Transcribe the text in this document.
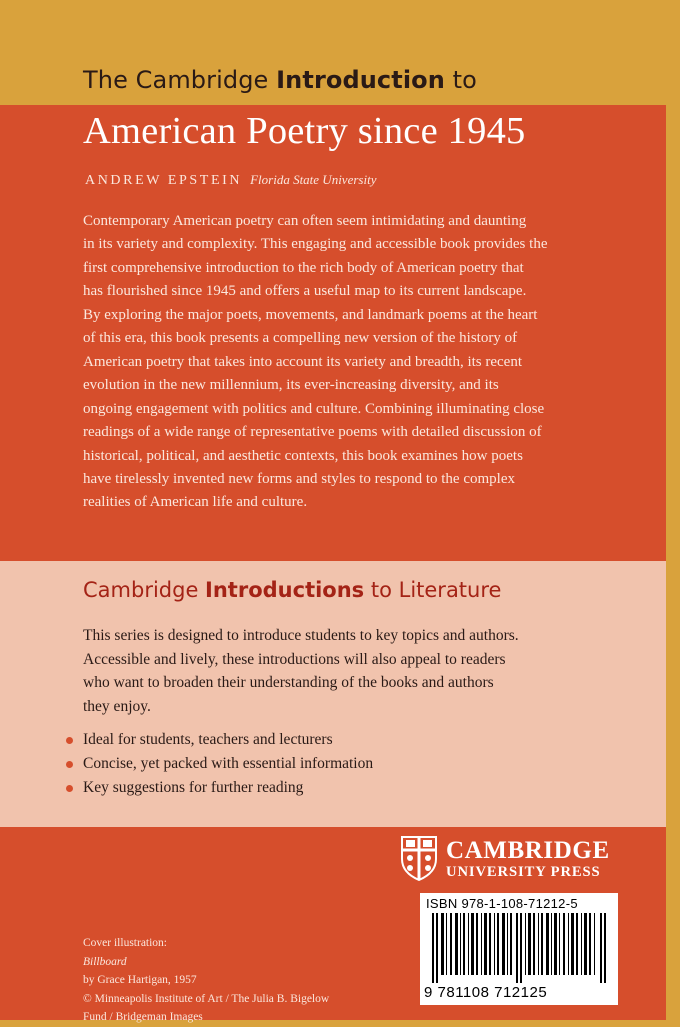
The Cambridge Introduction to
American Poetry since 1945
ANDREW EPSTEIN Florida State University
Contemporary American poetry can often seem intimidating and daunting
in its variety and complexity. This engaging and accessible book provides the
first comprehensive introduction to the rich body of American poetry that
has flourished since 1945 and offers a useful map to its current landscape.
By exploring the major poets, movements, and landmark poems at the heart
of this era, this book presents a compelling new version of the history of
American poetry that takes into account its variety and breadth, its recent
evolution in the new millennium, its ever-increasing diversity, and its
ongoing engagement with politics and culture. Combining illuminating close
readings of a wide range of representative poems with detailed discussion of
historical, political, and aesthetic contexts, this book examines how poets
have tirelessly invented new forms and styles to respond to the complex
realities of American life and culture.
Cambridge Introductions to Literature
This series is designed to introduce students to key topics and authors.
Accessible and lively, these introductions will also appeal to readers
who want to broaden their understanding of the books and authors
they enjoy.
Ideal for students, teachers and lecturers
Concise, yet packed with essential information
Key suggestions for further reading
CAMBRIDGE
UNIVERSITY PRESS
ISBN 978-1-108-71212-5
9 781108 712125
Cover illustration:
Billboard
by Grace Hartigan, 1957
© Minneapolis Institute of Art / The Julia B. Bigelow
Fund / Bridgeman Images
